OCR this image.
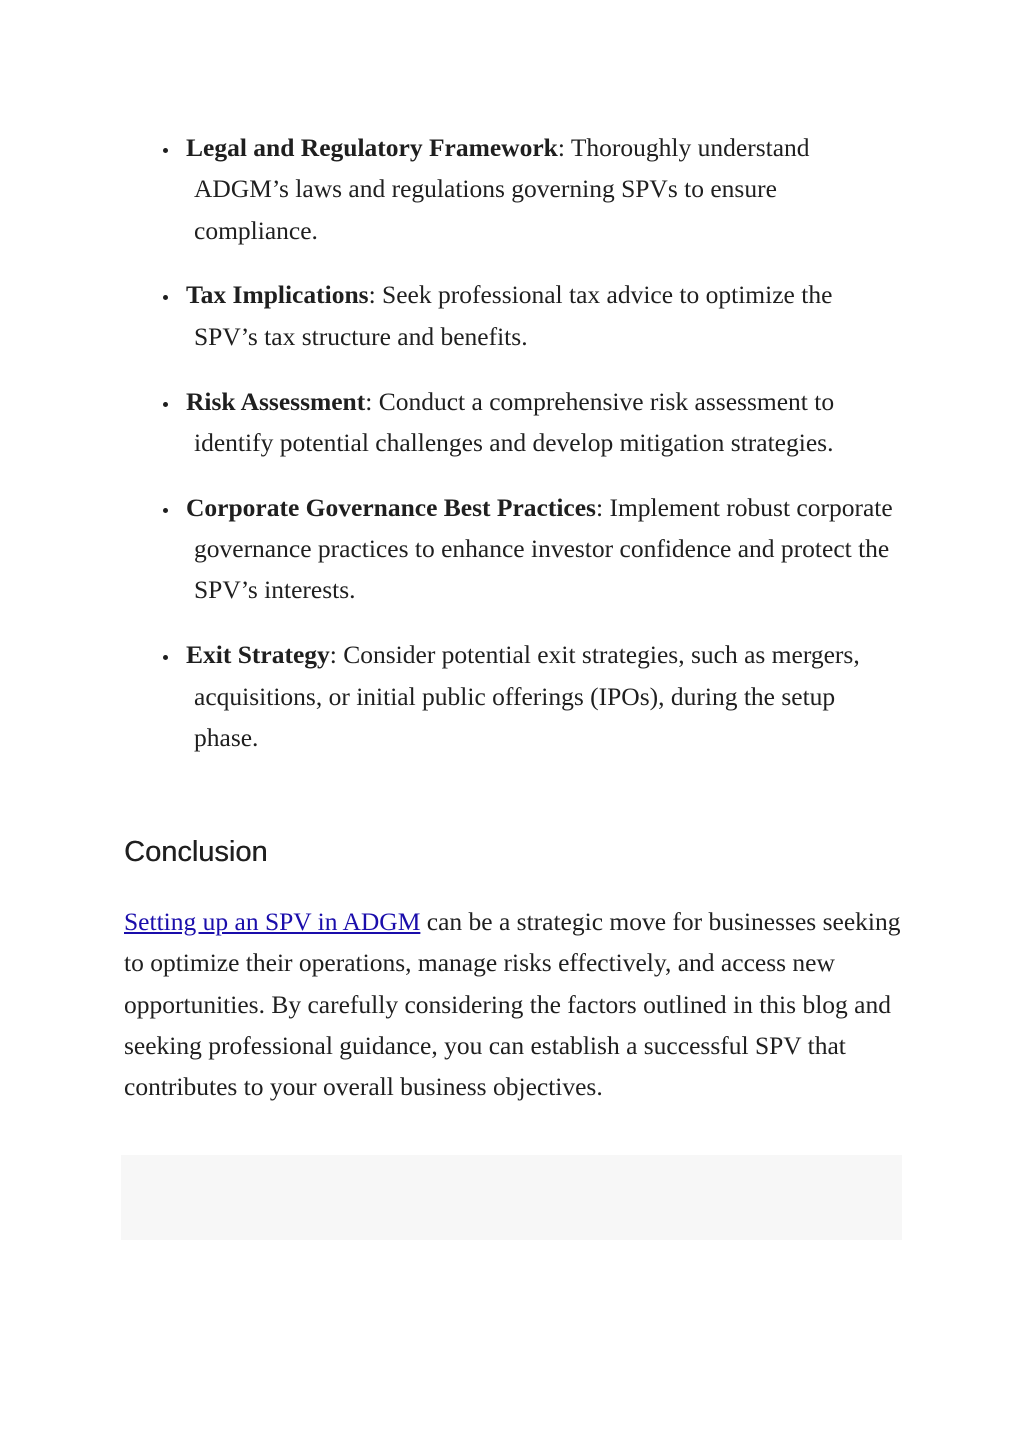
Legal and Regulatory Framework: Thoroughly understand ADGM’s laws and regulations governing SPVs to ensure compliance.
Tax Implications: Seek professional tax advice to optimize the SPV’s tax structure and benefits.
Risk Assessment: Conduct a comprehensive risk assessment to identify potential challenges and develop mitigation strategies.
Corporate Governance Best Practices: Implement robust corporate governance practices to enhance investor confidence and protect the SPV’s interests.
Exit Strategy: Consider potential exit strategies, such as mergers, acquisitions, or initial public offerings (IPOs), during the setup phase.
Conclusion

Setting up an SPV in ADGM can be a strategic move for businesses seeking to optimize their operations, manage risks effectively, and access new opportunities. By carefully considering the factors outlined in this blog and seeking professional guidance, you can establish a successful SPV that contributes to your overall business objectives.
